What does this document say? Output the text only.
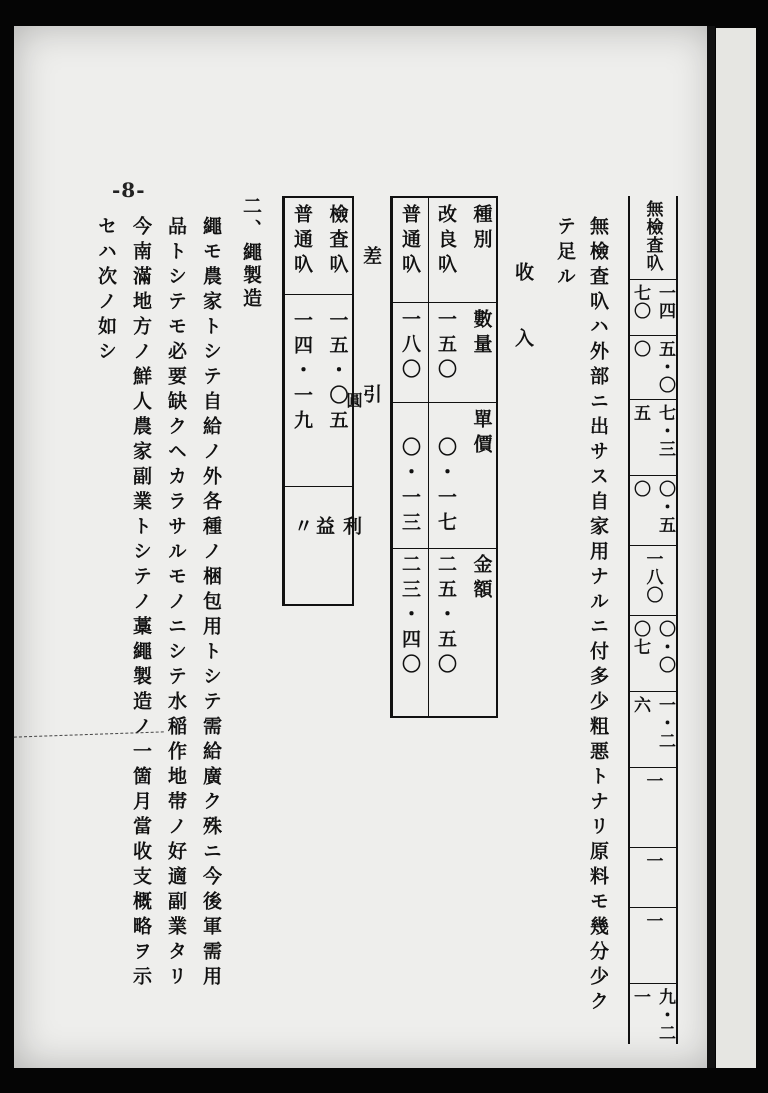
-8-
無檢査叺
一四七〇
五・〇〇
七・三五
〇・五〇
一八〇
〇・〇〇七
一・二六
一
一
一
九・二一

無檢査叺ハ外部ニ出サス自家用ナルニ付多少粗悪トナリ原料モ幾分少ク

テ足ル

收　入

種別
數量
單價
金額
改良叺
一五〇
〇・一七
二五・五〇
普通叺
一八〇
〇・一三
二三・四〇

差　引

檢査叺
一五・〇五
利益
普通叺
一四・一九
〃
圓

二、繩製造

繩モ農家トシテ自給ノ外各種ノ梱包用トシテ需給廣ク殊ニ今後軍需用

品トシテモ必要缺クヘカラサルモノニシテ水稲作地帯ノ好適副業タリ

今南滿地方ノ鮮人農家副業トシテノ藁繩製造ノ一箇月當收支概略ヲ示

セハ次ノ如シ
